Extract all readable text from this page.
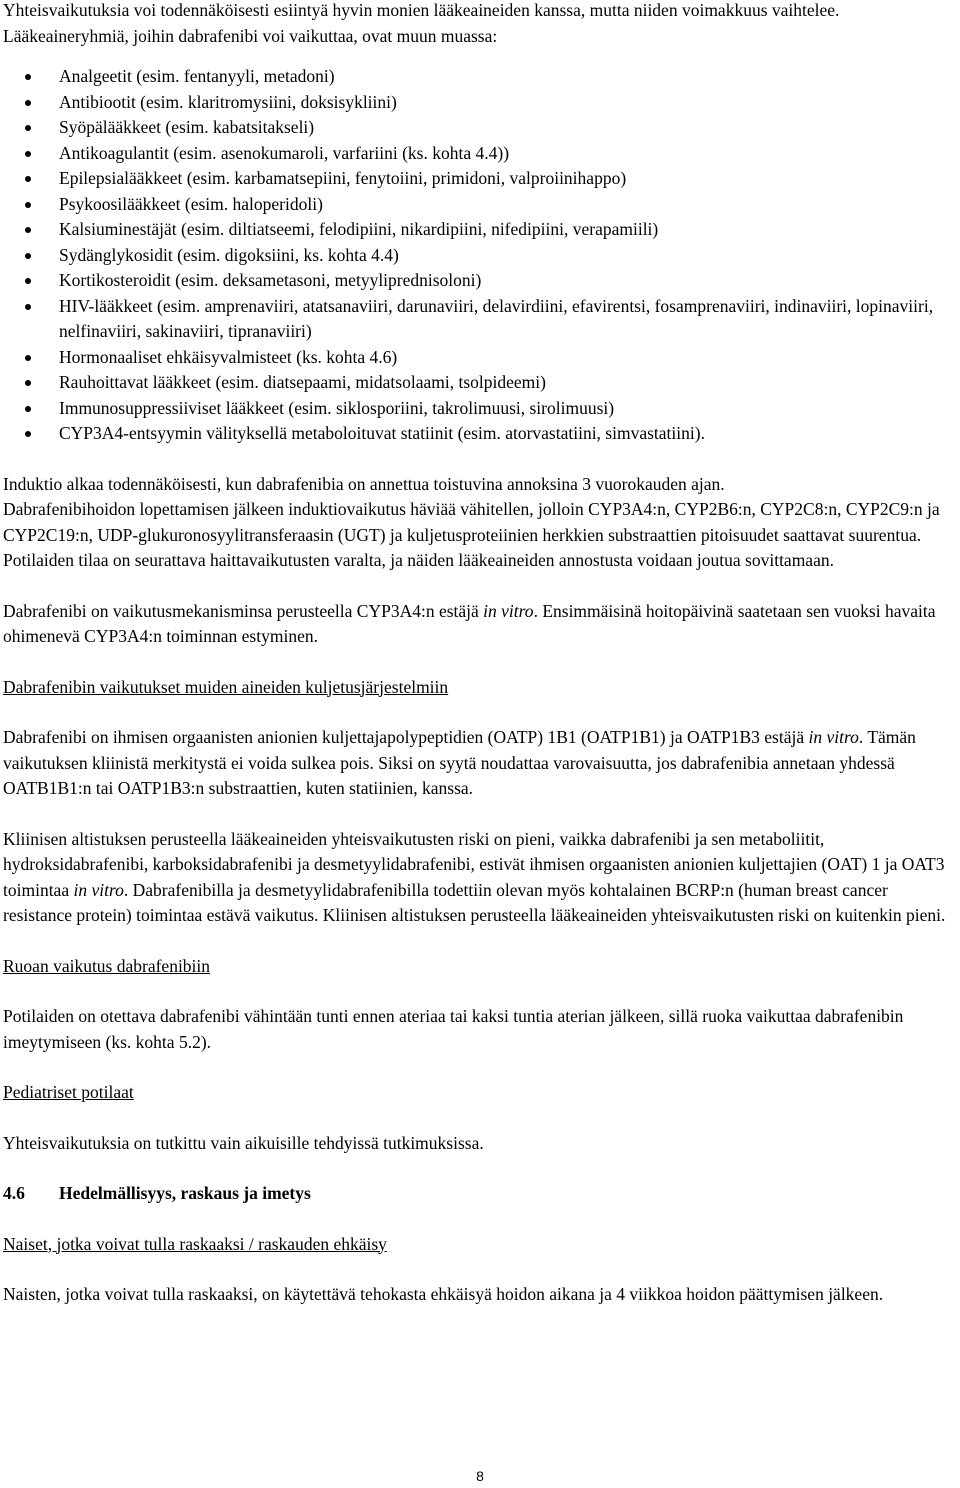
Yhteisvaikutuksia voi todennäköisesti esiintyä hyvin monien lääkeaineiden kanssa, mutta niiden voimakkuus vaihtelee. Lääkeaineryhmiä, joihin dabrafenibi voi vaikuttaa, ovat muun muassa:

Analgeetit (esim. fentanyyli, metadoni)
Antibiootit (esim. klaritromysiini, doksisykliini)
Syöpälääkkeet (esim. kabatsitakseli)
Antikoagulantit (esim. asenokumaroli, varfariini (ks. kohta 4.4))
Epilepsialääkkeet (esim. karbamatsepiini, fenytoiini, primidoni, valproiinihappo)
Psykoosilääkkeet (esim. haloperidoli)
Kalsiuminestäjät (esim. diltiatseemi, felodipiini, nikardipiini, nifedipiini, verapamiili)
Sydänglykosidit (esim. digoksiini, ks. kohta 4.4)
Kortikosteroidit (esim. deksametasoni, metyyliprednisoloni)
HIV-lääkkeet (esim. amprenaviiri, atatsanaviiri, darunaviiri, delavirdiini, efavirentsi, fosamprenaviiri, indinaviiri, lopinaviiri, nelfinaviiri, sakinaviiri, tipranaviiri)
Hormonaaliset ehkäisyvalmisteet (ks. kohta 4.6)
Rauhoittavat lääkkeet (esim. diatsepaami, midatsolaami, tsolpideemi)
Immunosuppressiiviset lääkkeet (esim. siklosporiini, takrolimuusi, sirolimuusi)
CYP3A4-entsyymin välityksellä metaboloituvat statiinit (esim. atorvastatiini, simvastatiini).

Induktio alkaa todennäköisesti, kun dabrafenibia on annettua toistuvina annoksina 3 vuorokauden ajan.

Dabrafenibihoidon lopettamisen jälkeen induktiovaikutus häviää vähitellen, jolloin CYP3A4:n, CYP2B6:n, CYP2C8:n, CYP2C9:n ja CYP2C19:n, UDP-glukuronosyylitransferaasin (UGT) ja kuljetusproteiinien herkkien substraattien pitoisuudet saattavat suurentua. Potilaiden tilaa on seurattava haittavaikutusten varalta, ja näiden lääkeaineiden annostusta voidaan joutua sovittamaan.

Dabrafenibi on vaikutusmekanisminsa perusteella CYP3A4:n estäjä in vitro. Ensimmäisinä hoitopäivinä saatetaan sen vuoksi havaita ohimenevä CYP3A4:n toiminnan estyminen.

Dabrafenibin vaikutukset muiden aineiden kuljetusjärjestelmiin

Dabrafenibi on ihmisen orgaanisten anionien kuljettajapolypeptidien (OATP) 1B1 (OATP1B1) ja OATP1B3 estäjä in vitro. Tämän vaikutuksen kliinistä merkitystä ei voida sulkea pois. Siksi on syytä noudattaa varovaisuutta, jos dabrafenibia annetaan yhdessä OATB1B1:n tai OATP1B3:n substraattien, kuten statiinien, kanssa.

Kliinisen altistuksen perusteella lääkeaineiden yhteisvaikutusten riski on pieni, vaikka dabrafenibi ja sen metaboliitit, hydroksidabrafenibi, karboksidabrafenibi ja desmetyylidabrafenibi, estivät ihmisen orgaanisten anionien kuljettajien (OAT) 1 ja OAT3 toimintaa in vitro. Dabrafenibilla ja desmetyylidabrafenibilla todettiin olevan myös kohtalainen BCRP:n (human breast cancer resistance protein) toimintaa estävä vaikutus. Kliinisen altistuksen perusteella lääkeaineiden yhteisvaikutusten riski on kuitenkin pieni.

Ruoan vaikutus dabrafenibiin

Potilaiden on otettava dabrafenibi vähintään tunti ennen ateriaa tai kaksi tuntia aterian jälkeen, sillä ruoka vaikuttaa dabrafenibin imeytymiseen (ks. kohta 5.2).

Pediatriset potilaat

Yhteisvaikutuksia on tutkittu vain aikuisille tehdyissä tutkimuksissa.

4.6 Hedelmällisyys, raskaus ja imetys

Naiset, jotka voivat tulla raskaaksi / raskauden ehkäisy

Naisten, jotka voivat tulla raskaaksi, on käytettävä tehokasta ehkäisyä hoidon aikana ja 4 viikkoa hoidon päättymisen jälkeen.

8
